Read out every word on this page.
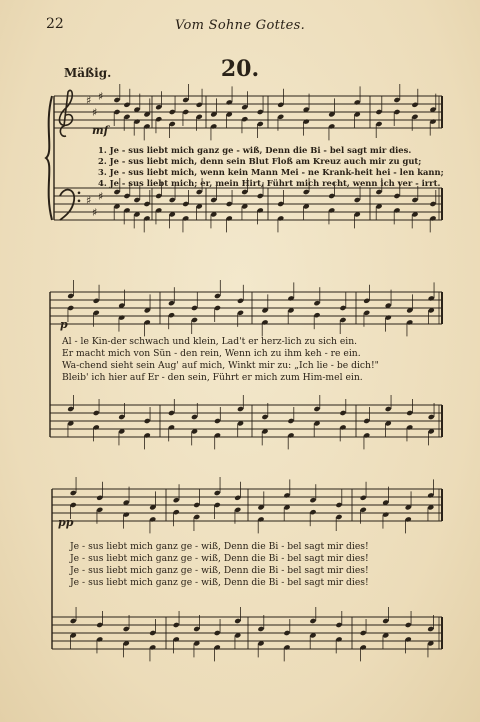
22	Vom Sohne Gottes.
20.
Mäßig.
mf
p
pp
♯
♯
♯
♯
♯
♯
1. Je - sus liebt mich ganz ge - wiß, Denn die Bi - bel sagt mir dies.
2. Je - sus liebt mich, denn sein Blut Floß am Kreuz auch mir zu gut;
3. Je - sus liebt mich, wenn kein Mann Mei - ne Krank-heit hei - len kann;
4. Je - sus liebt mich; er, mein Hirt, Führt mich recht, wenn ich ver - irrt.
Al - le Kin-der schwach und klein, Lad't er herz-lich zu sich ein.
Er macht mich von Sün - den rein, Wenn ich zu ihm keh - re ein.
Wa-chend sieht sein Aug' auf mich, Winkt mir zu: „Ich lie - be dich!"
Bleib' ich hier auf Er - den sein, Führt er mich zum Him-mel ein.
Je - sus liebt mich ganz ge - wiß, Denn die Bi - bel sagt mir dies!
Je - sus liebt mich ganz ge - wiß, Denn die Bi - bel sagt mir dies!
Je - sus liebt mich ganz ge - wiß, Denn die Bi - bel sagt mir dies!
Je - sus liebt mich ganz ge - wiß, Denn die Bi - bel sagt mir dies!
